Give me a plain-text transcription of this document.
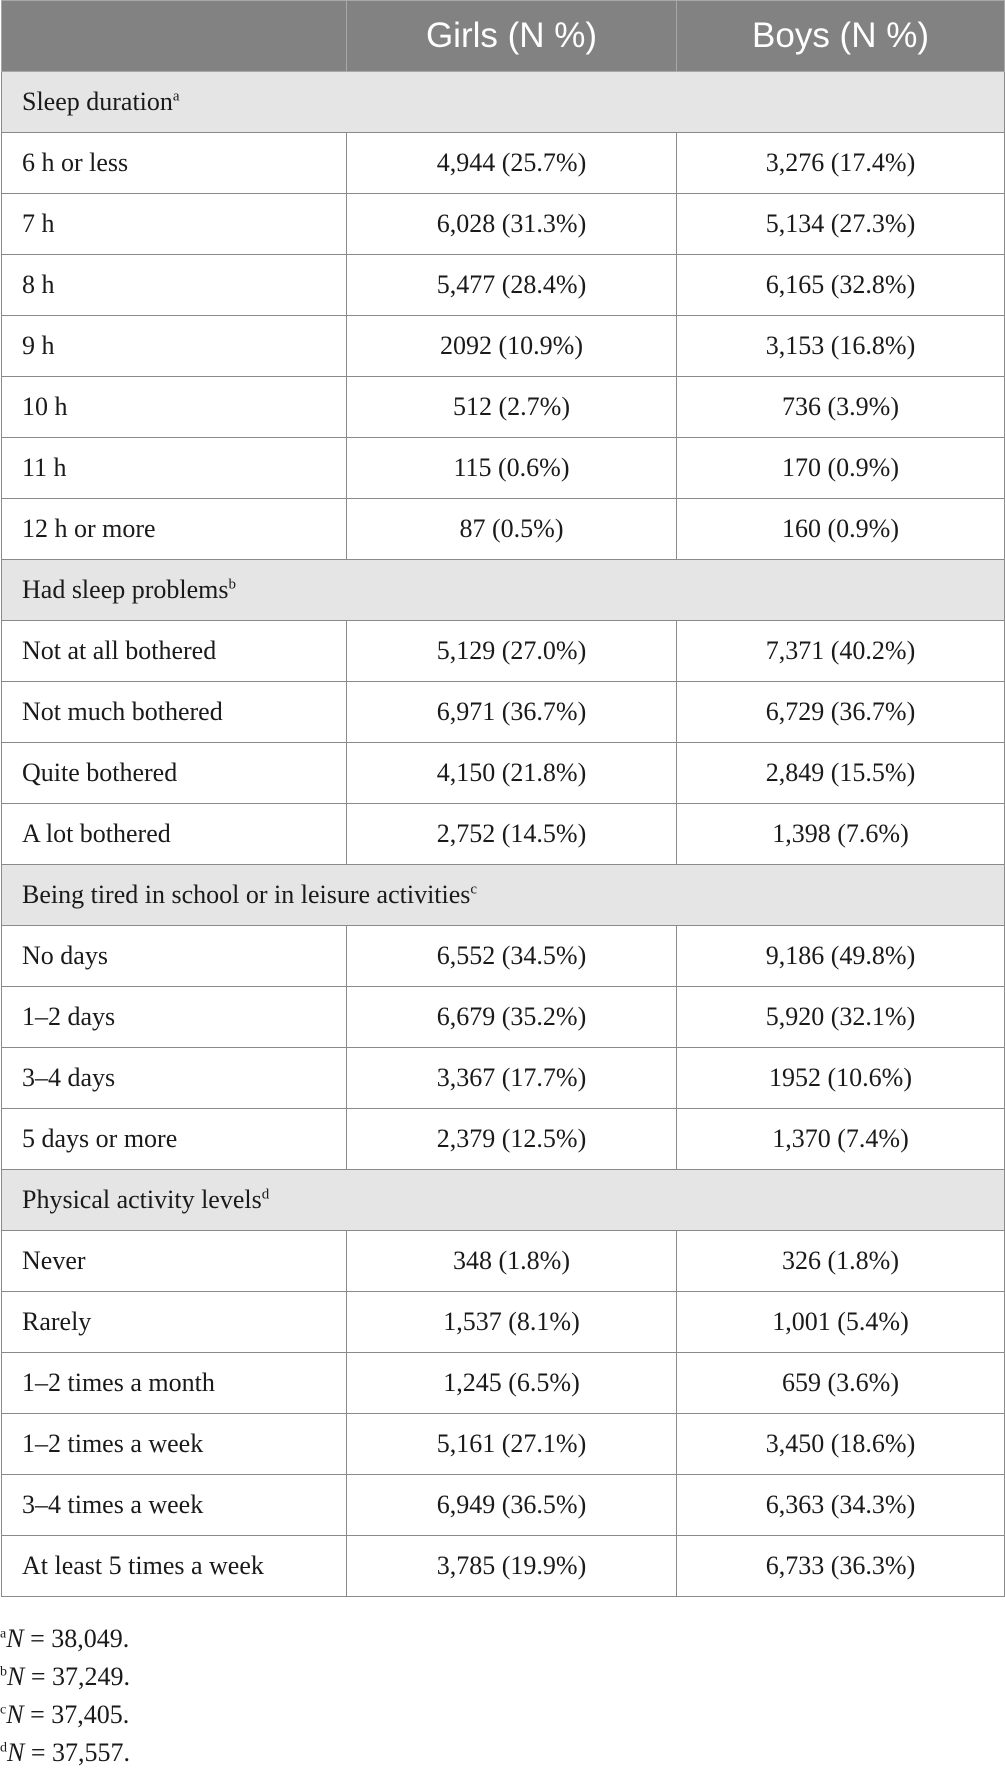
	Girls (N %)	Boys (N %)
Sleep duration$^a$
6 h or less	4,944 (25.7%)	3,276 (17.4%)
7 h	6,028 (31.3%)	5,134 (27.3%)
8 h	5,477 (28.4%)	6,165 (32.8%)
9 h	2092 (10.9%)	3,153 (16.8%)
10 h	512 (2.7%)	736 (3.9%)
11 h	115 (0.6%)	170 (0.9%)
12 h or more	87 (0.5%)	160 (0.9%)
Had sleep problems$^b$
Not at all bothered	5,129 (27.0%)	7,371 (40.2%)
Not much bothered	6,971 (36.7%)	6,729 (36.7%)
Quite bothered	4,150 (21.8%)	2,849 (15.5%)
A lot bothered	2,752 (14.5%)	1,398 (7.6%)
Being tired in school or in leisure activities$^c$
No days	6,552 (34.5%)	9,186 (49.8%)
1–2 days	6,679 (35.2%)	5,920 (32.1%)
3–4 days	3,367 (17.7%)	1952 (10.6%)
5 days or more	2,379 (12.5%)	1,370 (7.4%)
Physical activity levels$^d$
Never	348 (1.8%)	326 (1.8%)
Rarely	1,537 (8.1%)	1,001 (5.4%)
1–2 times a month	1,245 (6.5%)	659 (3.6%)
1–2 times a week	5,161 (27.1%)	3,450 (18.6%)
3–4 times a week	6,949 (36.5%)	6,363 (34.3%)
At least 5 times a week	3,785 (19.9%)	6,733 (36.3%)
$^a$N = 38,049.
$^b$N = 37,249.
$^c$N = 37,405.
$^d$N = 37,557.
